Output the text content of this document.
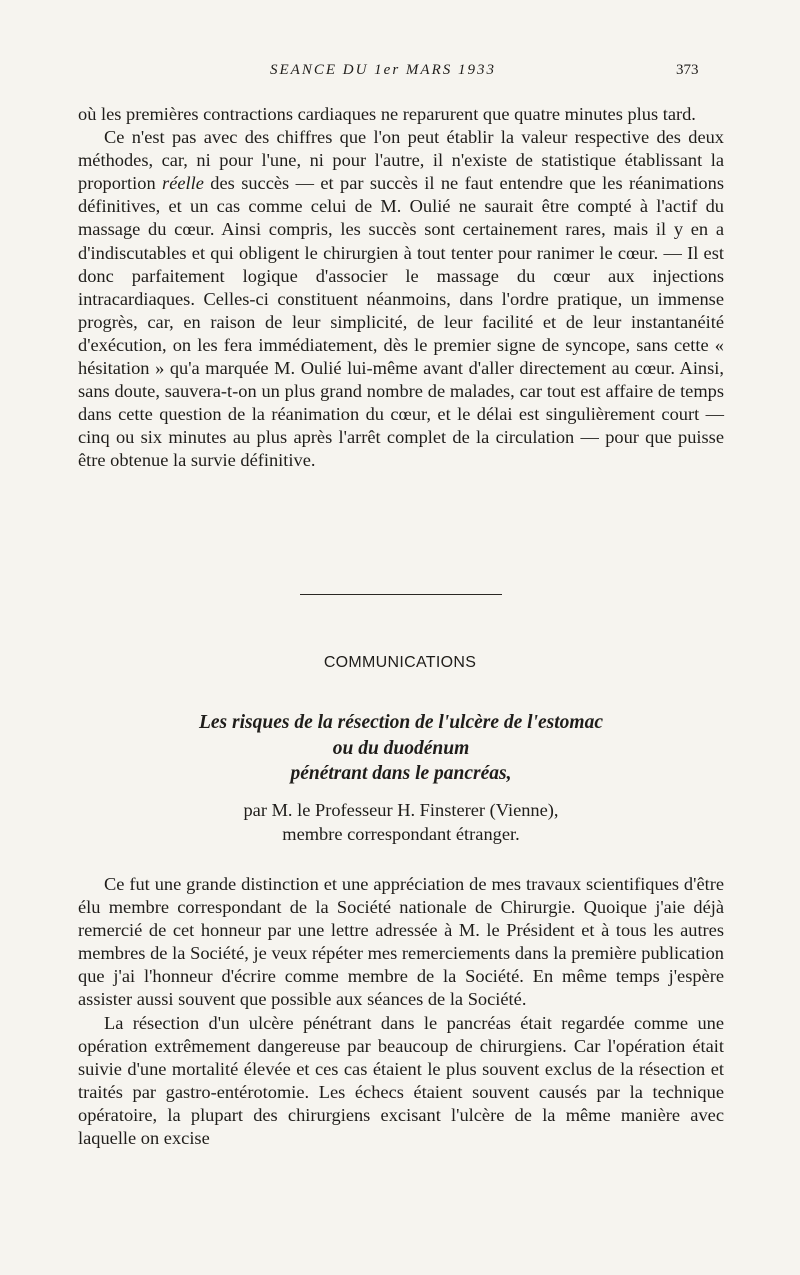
SEANCE DU 1er MARS 1933	373

où les premières contractions cardiaques ne reparurent que quatre minutes plus tard.

Ce n'est pas avec des chiffres que l'on peut établir la valeur respective des deux méthodes, car, ni pour l'une, ni pour l'autre, il n'existe de statistique établissant la proportion réelle des succès — et par succès il ne faut entendre que les réanimations définitives, et un cas comme celui de M. Oulié ne saurait être compté à l'actif du massage du cœur. Ainsi compris, les succès sont certainement rares, mais il y en a d'indiscutables et qui obligent le chirurgien à tout tenter pour ranimer le cœur. — Il est donc parfaitement logique d'associer le massage du cœur aux injections intracardiaques. Celles-ci constituent néanmoins, dans l'ordre pratique, un immense progrès, car, en raison de leur simplicité, de leur facilité et de leur instantanéité d'exécution, on les fera immédiatement, dès le premier signe de syncope, sans cette « hésitation » qu'a marquée M. Oulié lui-même avant d'aller directement au cœur. Ainsi, sans doute, sauvera-t-on un plus grand nombre de malades, car tout est affaire de temps dans cette question de la réanimation du cœur, et le délai est singulièrement court — cinq ou six minutes au plus après l'arrêt complet de la circulation — pour que puisse être obtenue la survie définitive.

COMMUNICATIONS
Les risques de la résection de l'ulcère de l'estomac
ou du duodénum
pénétrant dans le pancréas,
par M. le Professeur H. Finsterer (Vienne),
membre correspondant étranger.

Ce fut une grande distinction et une appréciation de mes travaux scientifiques d'être élu membre correspondant de la Société nationale de Chirurgie. Quoique j'aie déjà remercié de cet honneur par une lettre adressée à M. le Président et à tous les autres membres de la Société, je veux répéter mes remerciements dans la première publication que j'ai l'honneur d'écrire comme membre de la Société. En même temps j'espère assister aussi souvent que possible aux séances de la Société.

La résection d'un ulcère pénétrant dans le pancréas était regardée comme une opération extrêmement dangereuse par beaucoup de chirurgiens. Car l'opération était suivie d'une mortalité élevée et ces cas étaient le plus souvent exclus de la résection et traités par gastro-entérotomie. Les échecs étaient souvent causés par la technique opératoire, la plupart des chirurgiens excisant l'ulcère de la même manière avec laquelle on excise
